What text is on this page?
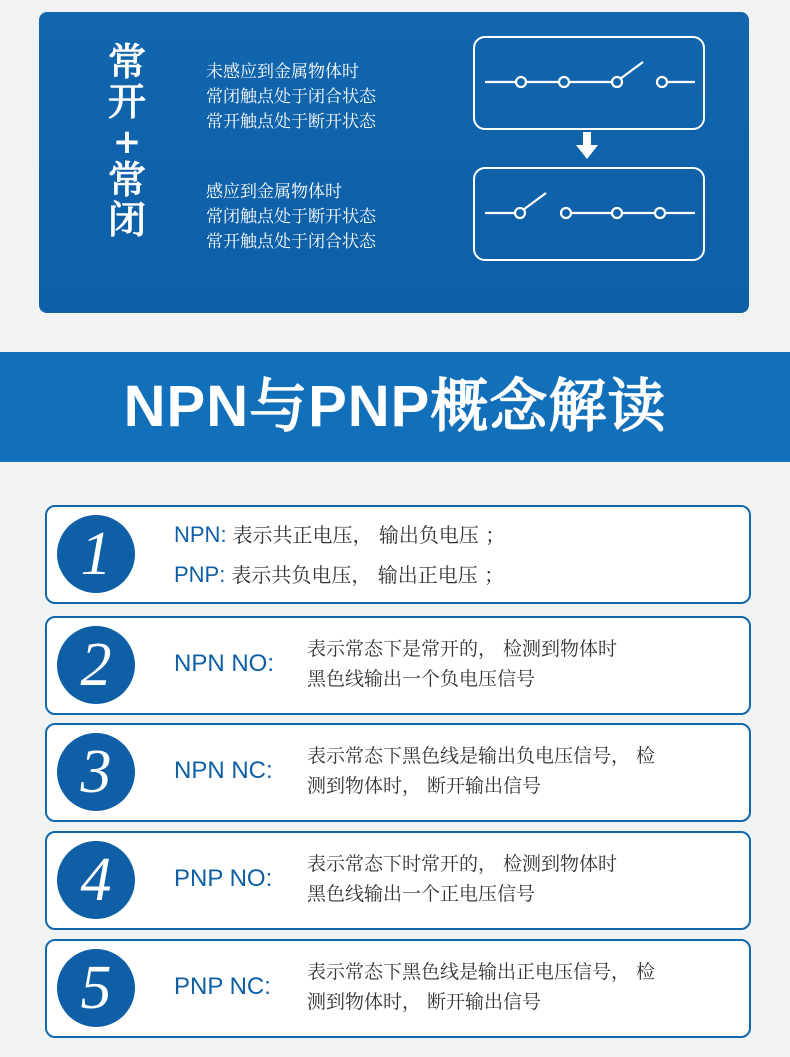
常
开
+
常
闭
未感应到金属物体时
常闭触点处于闭合状态
常开触点处于断开状态
感应到金属物体时
常闭触点处于断开状态
常开触点处于闭合状态
NPN与PNP概念解读
1	NPN: 表示共正电压， 输出负电压 ；
PNP: 表示共负电压， 输出正电压 ；
2	NPN NO:
表示常态下是常开的， 检测到物体时
黑色线输出一个负电压信号
3	NPN NC:
表示常态下黑色线是输出负电压信号， 检
测到物体时， 断开输出信号
4	PNP NO:
表示常态下时常开的， 检测到物体时
黑色线输出一个正电压信号
5	PNP NC:
表示常态下黑色线是输出正电压信号， 检
测到物体时， 断开输出信号
